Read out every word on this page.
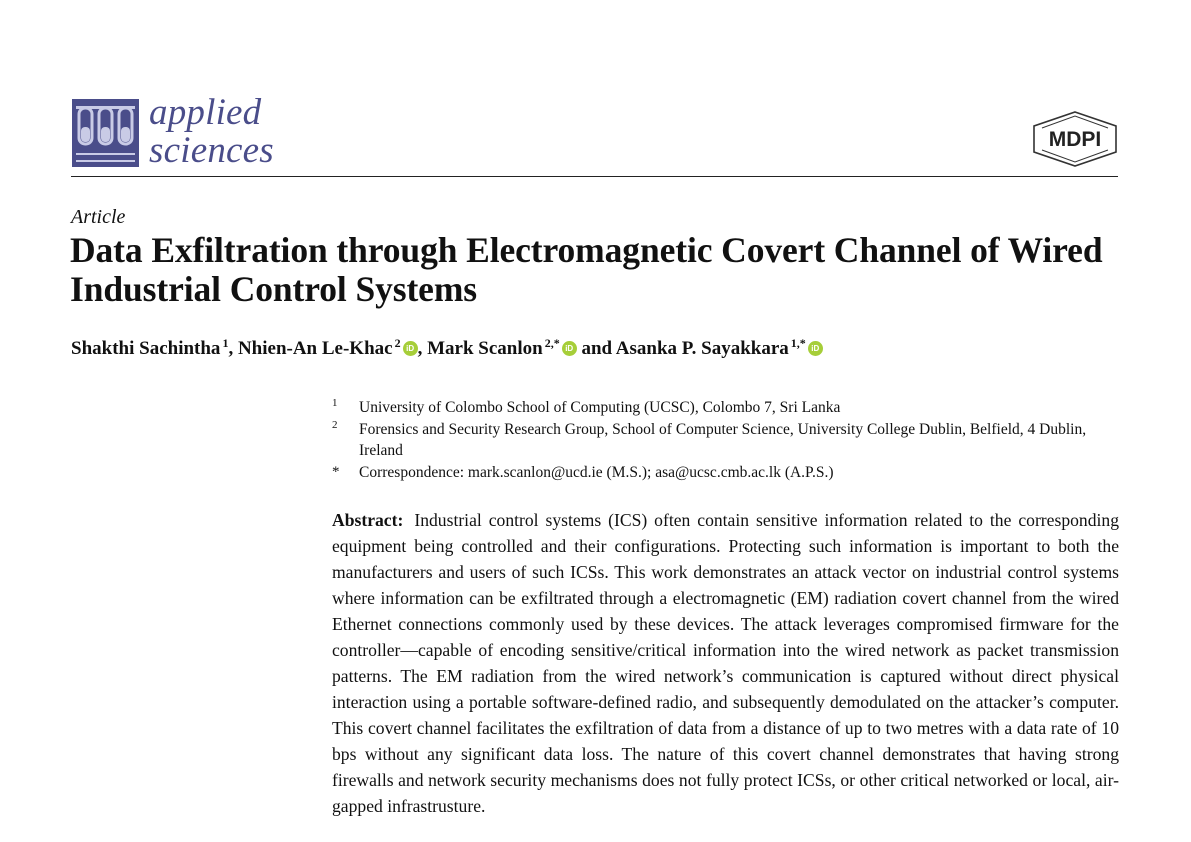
applied
sciences	MDPI
Article
Data Exfiltration through Electromagnetic Covert Channel of Wired Industrial Control Systems
Shakthi Sachintha $^1$, Nhien-An Le-Khac $^2$ iD , Mark Scanlon $^{2,*}$ iD and Asanka P. Sayakkara $^{1,*}$ iD
1 University of Colombo School of Computing (UCSC), Colombo 7, Sri Lanka
2 Forensics and Security Research Group, School of Computer Science, University College Dublin, Belfield, 4 Dublin, Ireland
* Correspondence: mark.scanlon@ucd.ie (M.S.); asa@ucsc.cmb.ac.lk (A.P.S.)
Abstract: Industrial control systems (ICS) often contain sensitive information related to the corresponding equipment being controlled and their configurations. Protecting such information is important to both the manufacturers and users of such ICSs. This work demonstrates an attack vector on industrial control systems where information can be exfiltrated through a electromagnetic (EM) radiation covert channel from the wired Ethernet connections commonly used by these devices. The attack leverages compromised firmware for the controller—capable of encoding sensitive/critical information into the wired network as packet transmission patterns. The EM radiation from the wired network’s communication is captured without direct physical interaction using a portable software-defined radio, and subsequently demodulated on the attacker’s computer. This covert channel facilitates the exfiltration of data from a distance of up to two metres with a data rate of 10 bps without any significant data loss. The nature of this covert channel demonstrates that having strong firewalls and network security mechanisms does not fully protect ICSs, or other critical networked or local, air-gapped infrastrusture.
